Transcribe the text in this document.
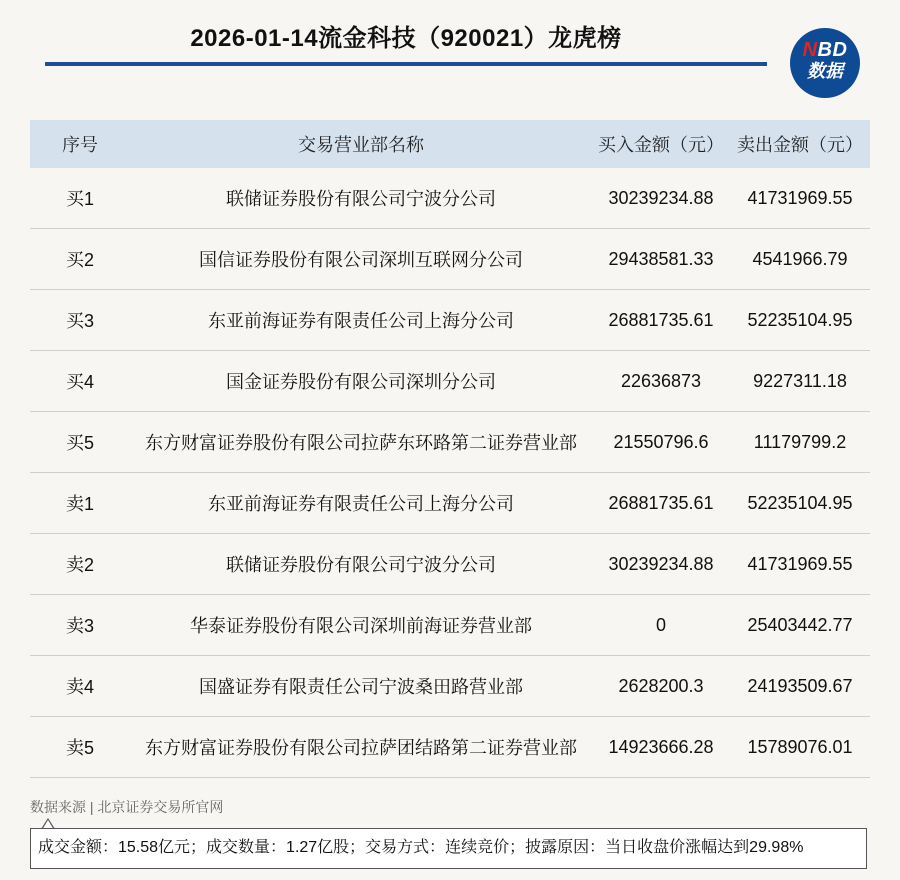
2026-01-14流金科技（920021）龙虎榜	NBD
数据
序号	交易营业部名称	买入金额（元）	卖出金额（元）
买1	联储证券股份有限公司宁波分公司	30239234.88	41731969.55
买2	国信证券股份有限公司深圳互联网分公司	29438581.33	4541966.79
买3	东亚前海证券有限责任公司上海分公司	26881735.61	52235104.95
买4	国金证券股份有限公司深圳分公司	22636873	9227311.18
买5	东方财富证券股份有限公司拉萨东环路第二证券营业部	21550796.6	11179799.2
卖1	东亚前海证券有限责任公司上海分公司	26881735.61	52235104.95
卖2	联储证券股份有限公司宁波分公司	30239234.88	41731969.55
卖3	华泰证券股份有限公司深圳前海证券营业部	0	25403442.77
卖4	国盛证券有限责任公司宁波桑田路营业部	2628200.3	24193509.67
卖5	东方财富证券股份有限公司拉萨团结路第二证券营业部	14923666.28	15789076.01
数据来源 | 北京证券交易所官网
成交金额：15.58亿元；成交数量：1.27亿股；交易方式：连续竞价；披露原因：当日收盘价涨幅达到29.98%
